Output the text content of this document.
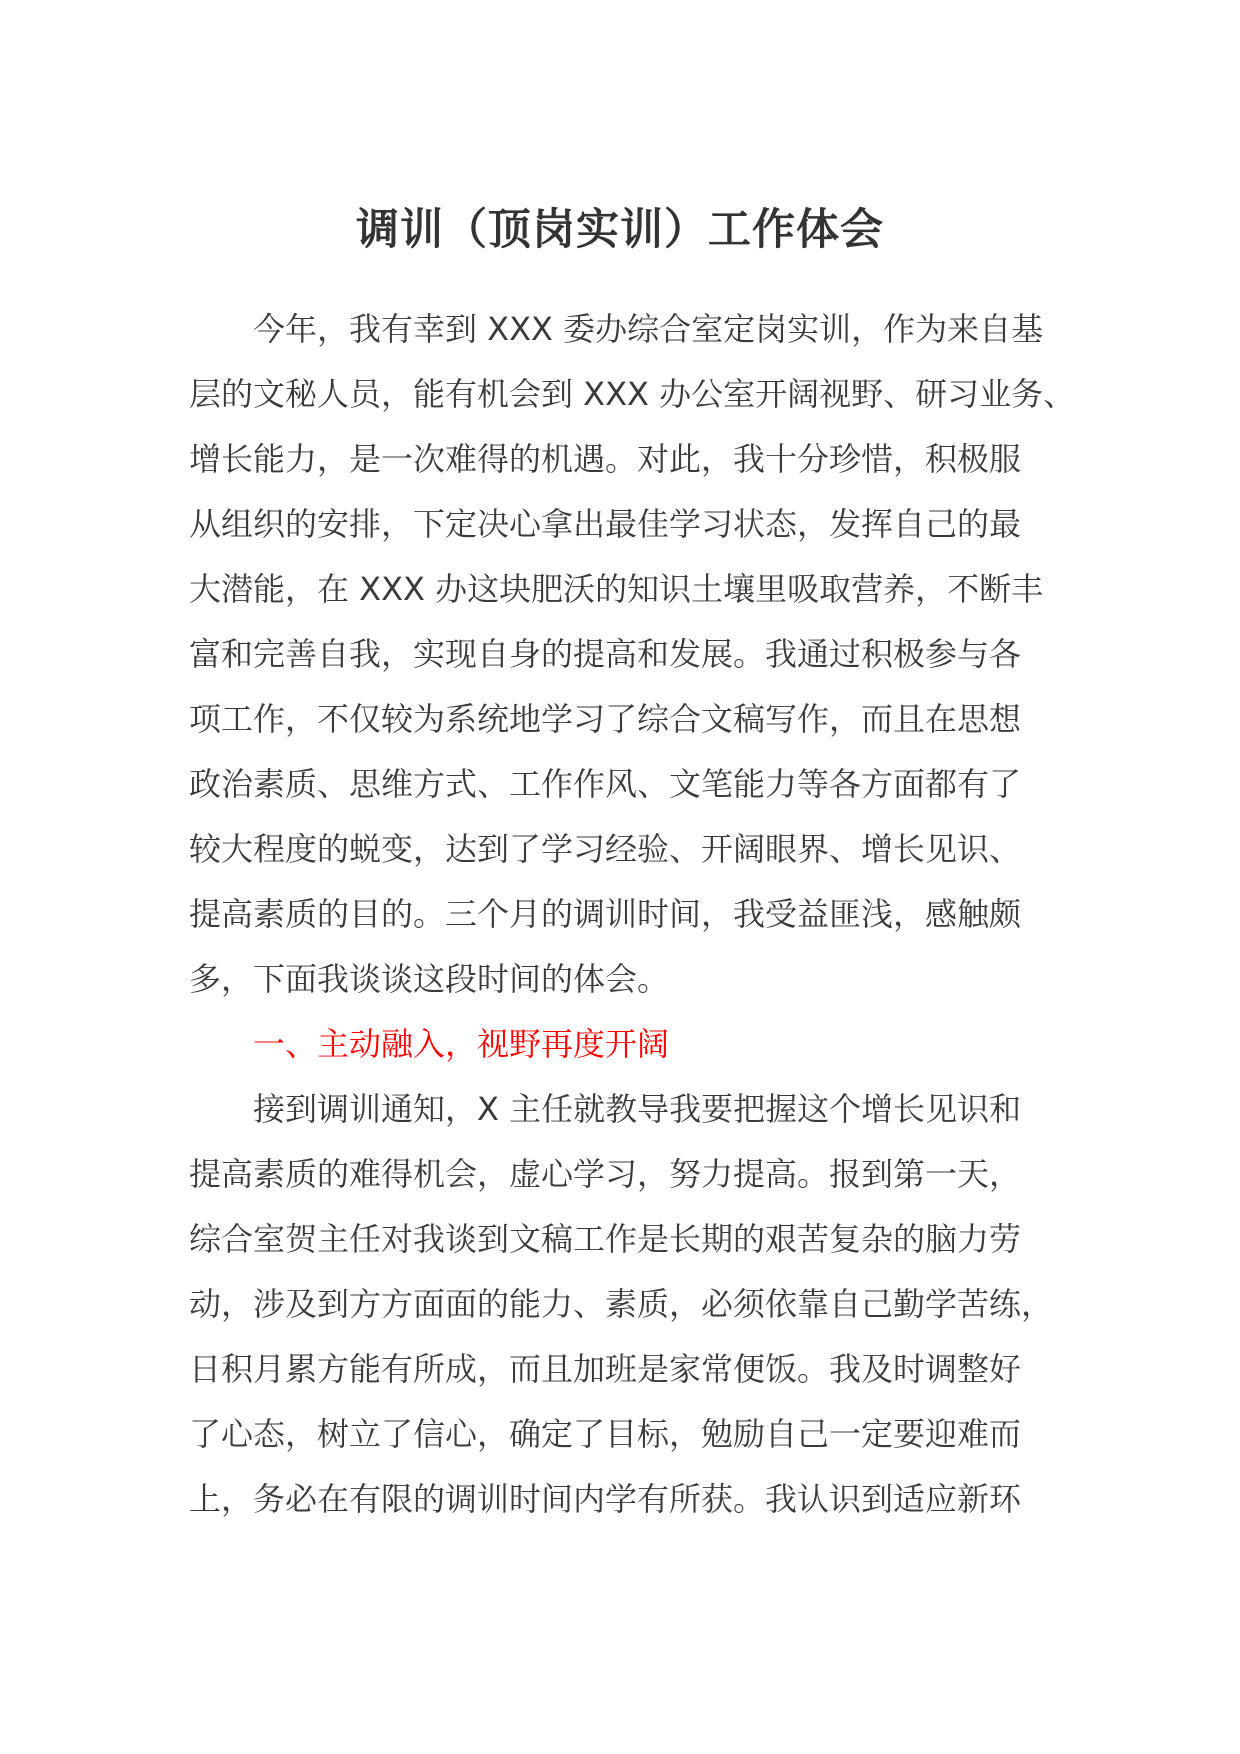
调训（顶岗实训）工作体会
　　今年，我有幸到 XXX 委办综合室定岗实训，作为来自基
层的文秘人员，能有机会到 XXX 办公室开阔视野、研习业务、
增长能力，是一次难得的机遇。对此，我十分珍惜，积极服
从组织的安排，下定决心拿出最佳学习状态，发挥自己的最
大潜能，在 XXX 办这块肥沃的知识土壤里吸取营养，不断丰
富和完善自我，实现自身的提高和发展。我通过积极参与各
项工作，不仅较为系统地学习了综合文稿写作，而且在思想
政治素质、思维方式、工作作风、文笔能力等各方面都有了
较大程度的蜕变，达到了学习经验、开阔眼界、增长见识、
提高素质的目的。三个月的调训时间，我受益匪浅，感触颇
多，下面我谈谈这段时间的体会。
　　一、主动融入，视野再度开阔
　　接到调训通知，X 主任就教导我要把握这个增长见识和
提高素质的难得机会，虚心学习，努力提高。报到第一天，
综合室贺主任对我谈到文稿工作是长期的艰苦复杂的脑力劳
动，涉及到方方面面的能力、素质，必须依靠自己勤学苦练，
日积月累方能有所成，而且加班是家常便饭。我及时调整好
了心态，树立了信心，确定了目标，勉励自己一定要迎难而
上，务必在有限的调训时间内学有所获。我认识到适应新环
